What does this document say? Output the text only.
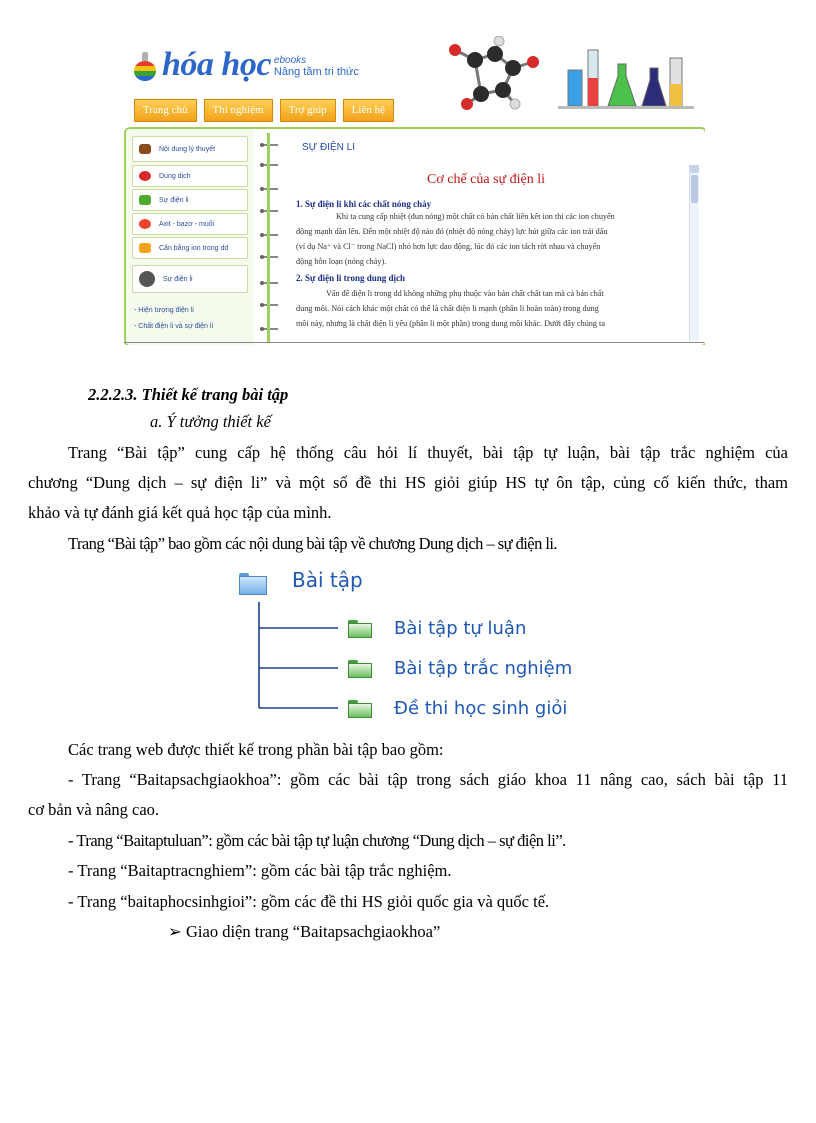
hóa học ebooks
Nâng tầm tri thức
Trang chủ	Thí nghiệm	Trợ giúp	Liên hệ
Nội dung lý thuyết
Dung dịch
Sự điện li
Axit - bazơ - muối
Cân bằng ion trong dd
Sự điện li
- Hiện tượng điện li
- Chất điện li và sự điện li
SỰ ĐIỆN LI
Cơ chế của sự điện li
1. Sự điện li khi các chất nóng chảy
Khi ta cung cấp nhiệt (đun nóng) một chất có bản chất liên kết ion thì các ion chuyển
động mạnh dần lên. Đến một nhiệt độ nào đó (nhiệt độ nóng chảy) lực hút giữa các ion trái dấu
(ví dụ Na⁺ và Cl⁻ trong NaCl) nhỏ hơn lực dao động, lúc đó các ion tách rời nhau và chuyển
động hỗn loạn (nóng chảy).
2. Sự điện li trong dung dịch
Vấn đề điện li trong dd không những phụ thuộc vào bản chất chất tan mà cả bản chất
dung môi. Nói cách khác một chất có thể là chất điện li mạnh (phân li hoàn toàn) trong dung
môi này, nhưng là chất điện li yếu (phân li một phần) trong dung môi khác. Dưới đây chúng ta
2.2.2.3. Thiết kế trang bài tập
a. Ý tưởng thiết kế
Trang “Bài tập” cung cấp hệ thống câu hỏi lí thuyết, bài tập tự luận, bài tập trắc nghiệm của
chương “Dung dịch – sự điện li” và một số đề thi HS giỏi giúp HS tự ôn tập, củng cố kiến thức, tham
khảo và tự đánh giá kết quả học tập của mình.
Trang “Bài tập” bao gồm các nội dung bài tập về chương Dung dịch – sự điện li.
Bài tập
Bài tập tự luận
Bài tập trắc nghiệm
Đề thi học sinh giỏi
Các trang web được thiết kế trong phần bài tập bao gồm:
- Trang “Baitapsachgiaokhoa”: gồm các bài tập trong sách giáo khoa 11 nâng cao, sách bài tập 11
cơ bản và nâng cao.
- Trang “Baitaptuluan”: gồm các bài tập tự luận chương “Dung dịch – sự điện li”.
- Trang “Baitaptracnghiem”: gồm các bài tập trắc nghiệm.
- Trang “baitaphocsinhgioi”: gồm các đề thi HS giỏi quốc gia và quốc tế.
➢ Giao diện trang “Baitapsachgiaokhoa”
